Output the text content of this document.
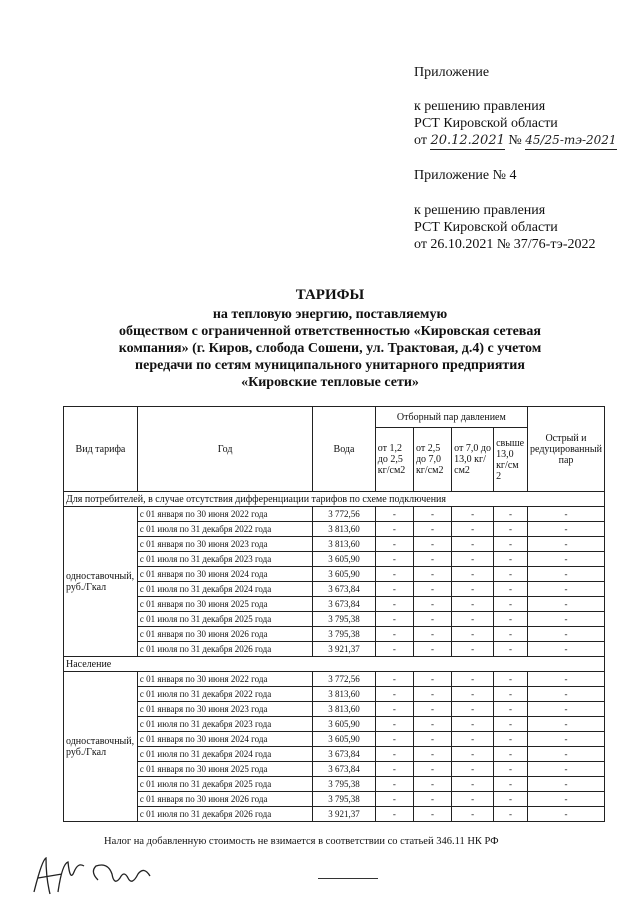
Приложение
к решению правления
РСТ Кировской области
от 20.12.2021 № 45/25-тэ-2021
Приложение № 4
к решению правления
РСТ Кировской области
от 26.10.2021 № 37/76-тэ-2022
ТАРИФЫ
на тепловую энергию, поставляемую
обществом с ограниченной ответственностью «Кировская сетевая
компания» (г. Киров, слобода Сошени, ул. Трактовая, д.4) с учетом
передачи по сетям муниципального унитарного предприятия
«Кировские тепловые сети»
Вид тарифа	Год	Вода	Отборный пар давлением				Острый и редуцированный пар
			от 1,2 до 2,5 кг/см2	от 2,5 до 7,0 кг/см2	от 7,0 до 13,0 кг/см2	свыше 13,0 кг/см 2	
Для потребителей, в случае отсутствия дифференциации тарифов по схеме подключения							
одноставочный, руб./Гкал	с 01 января по 30 июня 2022 года	3 772,56	-	-	-	-	-
	с 01 июля по 31 декабря 2022 года	3 813,60	-	-	-	-	-
	с 01 января по 30 июня 2023 года	3 813,60	-	-	-	-	-
	с 01 июля по 31 декабря 2023 года	3 605,90	-	-	-	-	-
	с 01 января по 30 июня 2024 года	3 605,90	-	-	-	-	-
	с 01 июля по 31 декабря 2024 года	3 673,84	-	-	-	-	-
	с 01 января по 30 июня 2025 года	3 673,84	-	-	-	-	-
	с 01 июля по 31 декабря 2025 года	3 795,38	-	-	-	-	-
	с 01 января по 30 июня 2026 года	3 795,38	-	-	-	-	-
	с 01 июля по 31 декабря 2026 года	3 921,37	-	-	-	-	-
Население							
одноставочный, руб./Гкал	с 01 января по 30 июня 2022 года	3 772,56	-	-	-	-	-
	с 01 июля по 31 декабря 2022 года	3 813,60	-	-	-	-	-
	с 01 января по 30 июня 2023 года	3 813,60	-	-	-	-	-
	с 01 июля по 31 декабря 2023 года	3 605,90	-	-	-	-	-
	с 01 января по 30 июня 2024 года	3 605,90	-	-	-	-	-
	с 01 июля по 31 декабря 2024 года	3 673,84	-	-	-	-	-
	с 01 января по 30 июня 2025 года	3 673,84	-	-	-	-	-
	с 01 июля по 31 декабря 2025 года	3 795,38	-	-	-	-	-
	с 01 января по 30 июня 2026 года	3 795,38	-	-	-	-	-
	с 01 июля по 31 декабря 2026 года	3 921,37	-	-	-	-	-
Налог на добавленную стоимость не взимается в соответствии со статьей 346.11 НК РФ
